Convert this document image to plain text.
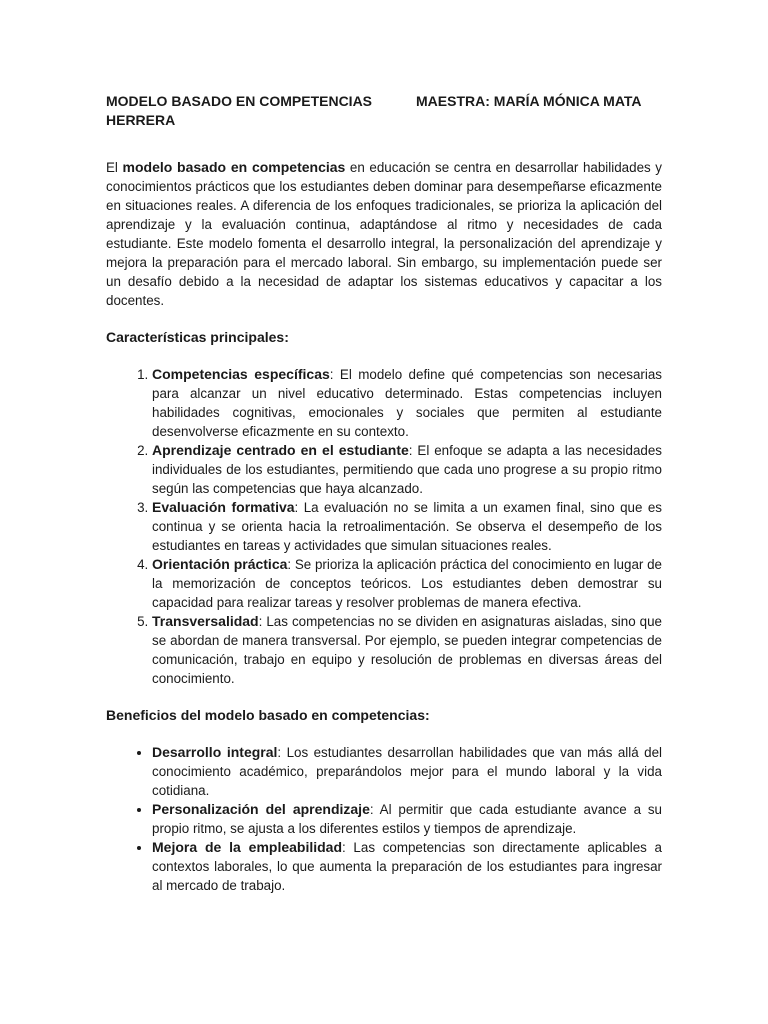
MODELO BASADO EN COMPETENCIAS	MAESTRA: MARÍA MÓNICA MATA
HERRERA

El modelo basado en competencias en educación se centra en desarrollar habilidades y conocimientos prácticos que los estudiantes deben dominar para desempeñarse eficazmente en situaciones reales. A diferencia de los enfoques tradicionales, se prioriza la aplicación del aprendizaje y la evaluación continua, adaptándose al ritmo y necesidades de cada estudiante. Este modelo fomenta el desarrollo integral, la personalización del aprendizaje y mejora la preparación para el mercado laboral. Sin embargo, su implementación puede ser un desafío debido a la necesidad de adaptar los sistemas educativos y capacitar a los docentes.

Características principales:
1. Competencias específicas: El modelo define qué competencias son necesarias para alcanzar un nivel educativo determinado. Estas competencias incluyen habilidades cognitivas, emocionales y sociales que permiten al estudiante desenvolverse eficazmente en su contexto.
2. Aprendizaje centrado en el estudiante: El enfoque se adapta a las necesidades individuales de los estudiantes, permitiendo que cada uno progrese a su propio ritmo según las competencias que haya alcanzado.
3. Evaluación formativa: La evaluación no se limita a un examen final, sino que es continua y se orienta hacia la retroalimentación. Se observa el desempeño de los estudiantes en tareas y actividades que simulan situaciones reales.
4. Orientación práctica: Se prioriza la aplicación práctica del conocimiento en lugar de la memorización de conceptos teóricos. Los estudiantes deben demostrar su capacidad para realizar tareas y resolver problemas de manera efectiva.
5. Transversalidad: Las competencias no se dividen en asignaturas aisladas, sino que se abordan de manera transversal. Por ejemplo, se pueden integrar competencias de comunicación, trabajo en equipo y resolución de problemas en diversas áreas del conocimiento.
Beneficios del modelo basado en competencias:
• Desarrollo integral: Los estudiantes desarrollan habilidades que van más allá del conocimiento académico, preparándolos mejor para el mundo laboral y la vida cotidiana.
• Personalización del aprendizaje: Al permitir que cada estudiante avance a su propio ritmo, se ajusta a los diferentes estilos y tiempos de aprendizaje.
• Mejora de la empleabilidad: Las competencias son directamente aplicables a contextos laborales, lo que aumenta la preparación de los estudiantes para ingresar al mercado de trabajo.
